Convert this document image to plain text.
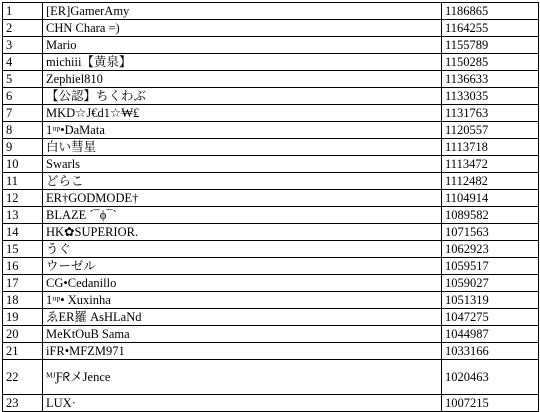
1	[ER]GamerAmy	1186865
2	CHN Chara =)	1164255
3	Mario	1155789
4	michiii【黄泉】	1150285
5	Zephiel810	1136633
6	【公認】ちくわぶ	1133035
7	MKD☆J€d1☆₩₤	1131763
8	1ᵘᵖ•DaMata	1120557
9	白い彗星	1113718
10	Swarls	1113472
11	どらこ	1112482
12	ER†GODMODE†	1104914
13	BLAZE ˊ¯ϕ¯ˋ	1089582
14	HK✿SUPERIOR.	1071563
15	うぐ	1062923
16	ウーゼル	1059517
17	CG•Cedanillo	1059027
18	1ᵘᵖ• Xuxinha	1051319
19	ゑER羅 AsHLaNd	1047275
20	MeKtOuB Sama	1044987
21	iFR•MFZM971	1033166
22	ᴹᴶƑᖇメJence	1020463
23	LUX·	1007215
